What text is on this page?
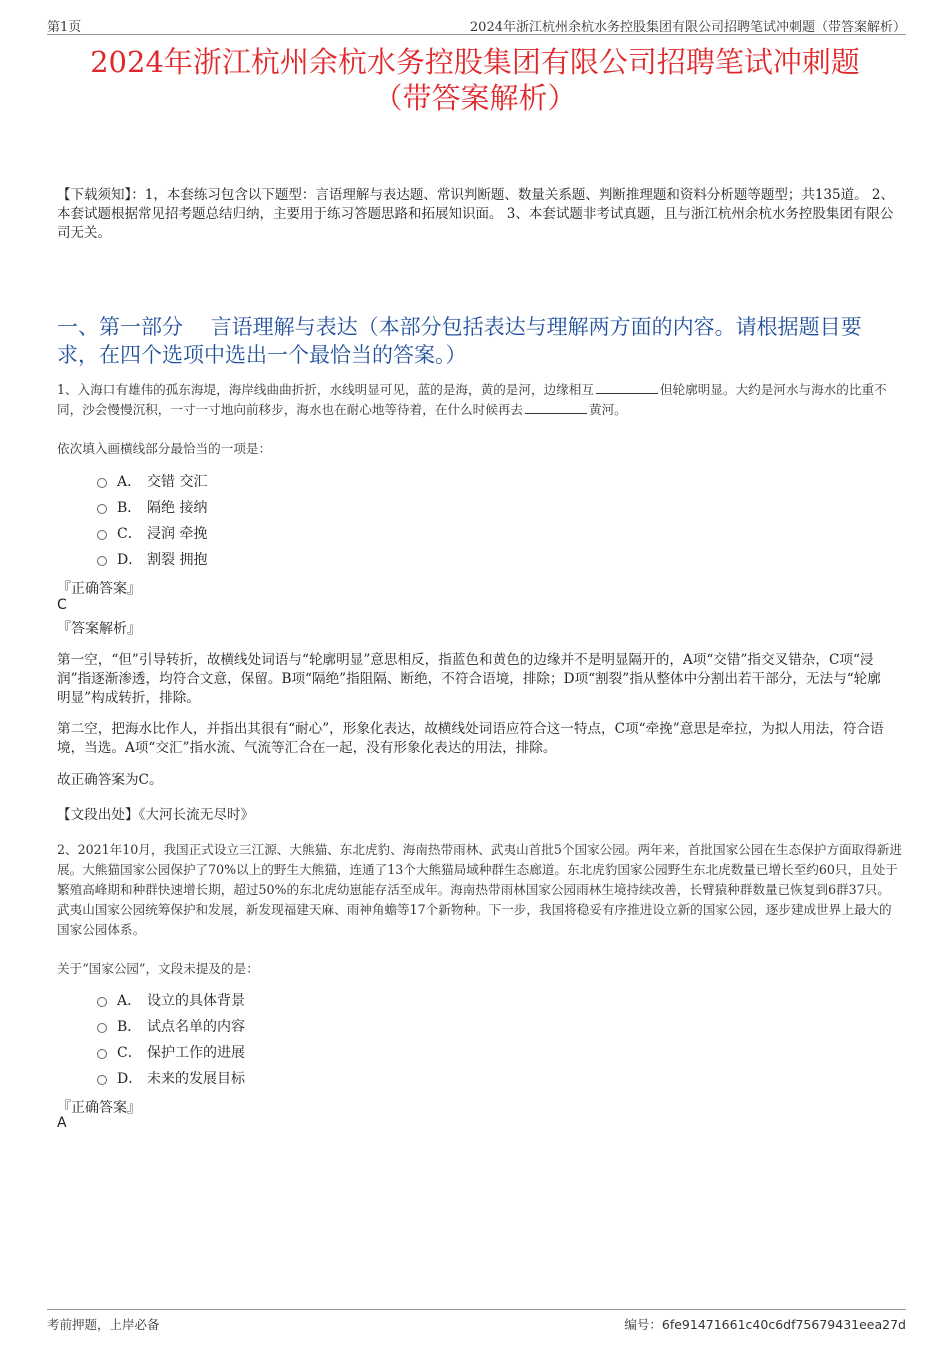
第1页	2024年浙江杭州余杭水务控股集团有限公司招聘笔试冲刺题（带答案解析）
2024年浙江杭州余杭水务控股集团有限公司招聘笔试冲刺题
（带答案解析）
【下载须知】：1，本套练习包含以下题型：言语理解与表达题、常识判断题、数量关系题、判断推理题和资料分析题等题型；共135道。 2、本套试题根据常见招考题总结归纳，主要用于练习答题思路和拓展知识面。 3、本套试题非考试真题，且与浙江杭州余杭水务控股集团有限公司无关。
一、第一部分　 言语理解与表达（本部分包括表达与理解两方面的内容。请根据题目要求，在四个选项中选出一个最恰当的答案。）
1、入海口有雄伟的孤东海堤，海岸线曲曲折折，水线明显可见，蓝的是海，黄的是河，边缘相互	但轮廓明显。大约是河水与海水的比重不同，沙会慢慢沉积，一寸一寸地向前移步，海水也在耐心地等待着，在什么时候再去	黄河。
依次填入画横线部分最恰当的一项是：
A． 交错 交汇
B． 隔绝 接纳
C． 浸润 牵挽
D． 割裂 拥抱
『正确答案』
C
『答案解析』
第一空，“但”引导转折，故横线处词语与“轮廓明显”意思相反，指蓝色和黄色的边缘并不是明显隔开的，A项“交错”指交叉错杂，C项“浸润”指逐渐渗透，均符合文意，保留。B项“隔绝”指阻隔、断绝，不符合语境，排除；D项“割裂”指从整体中分割出若干部分，无法与“轮廓明显”构成转折，排除。
第二空，把海水比作人，并指出其很有“耐心”，形象化表达，故横线处词语应符合这一特点，C项“牵挽”意思是牵拉，为拟人用法，符合语境，当选。A项“交汇”指水流、气流等汇合在一起，没有形象化表达的用法，排除。
故正确答案为C。
【文段出处】《大河长流无尽时》
2、2021年10月，我国正式设立三江源、大熊猫、东北虎豹、海南热带雨林、武夷山首批5个国家公园。两年来，首批国家公园在生态保护方面取得新进展。大熊猫国家公园保护了70%以上的野生大熊猫，连通了13个大熊猫局域种群生态廊道。东北虎豹国家公园野生东北虎数量已增长至约60只，且处于繁殖高峰期和种群快速增长期，超过50%的东北虎幼崽能存活至成年。海南热带雨林国家公园雨林生境持续改善，长臂猿种群数量已恢复到6群37只。武夷山国家公园统筹保护和发展，新发现福建天麻、雨神角蟾等17个新物种。下一步，我国将稳妥有序推进设立新的国家公园，逐步建成世界上最大的国家公园体系。
关于“国家公园”，文段未提及的是：
A． 设立的具体背景
B． 试点名单的内容
C． 保护工作的进展
D． 未来的发展目标
『正确答案』
A
考前押题，上岸必备	编号：6fe91471661c40c6df75679431eea27d
